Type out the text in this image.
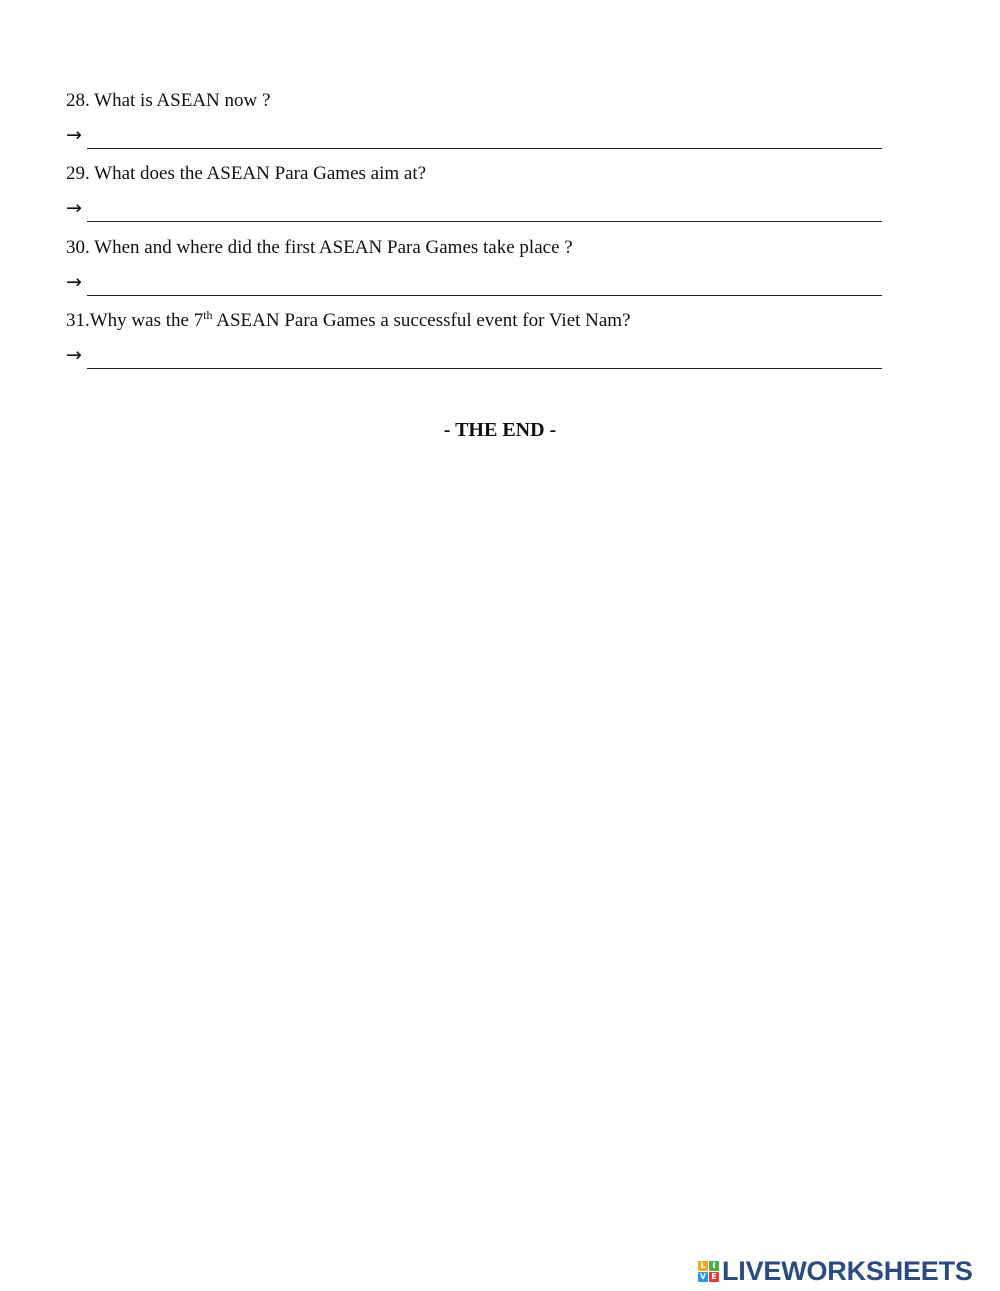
28. What is ASEAN now ?
→
29. What does the ASEAN Para Games aim at?
→
30. When and where did the first ASEAN Para Games take place ?
→
31.Why was the 7th ASEAN Para Games a successful event for Viet Nam?
→
- THE END -
L I
V E LIVEWORKSHEETS
